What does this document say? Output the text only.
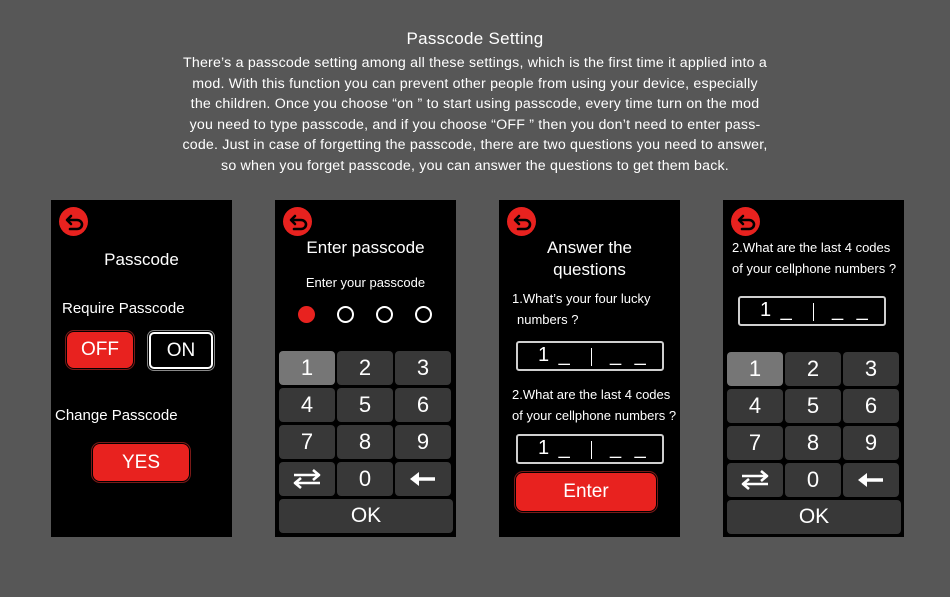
Passcode Setting
There’s a passcode setting among all these settings, which is the first time it applied into a
mod. With this function you can prevent other people from using your device, especially
the children. Once you choose “on ” to start using passcode, every time turn on the mod
you need to type passcode, and if you choose “OFF ” then you don’t need to enter pass-
code. Just in case of forgetting the passcode, there are two questions you need to answer,
so when you forget passcode, you can answer the questions to get them back.
Passcode
Require Passcode
OFF	ON
Change Passcode
YES
Enter passcode
Enter your passcode
1	2	3
4	5	6
7	8	9
0
OK
Answer the
questions
1.What’s your four lucky
numbers ?
1 _ _ _
2.What are the last 4 codes
of your cellphone numbers ?
1 _ _ _
Enter
2.What are the last 4 codes
of your cellphone numbers ?
1 _ _ _
1	2	3
4	5	6
7	8	9
0
OK
